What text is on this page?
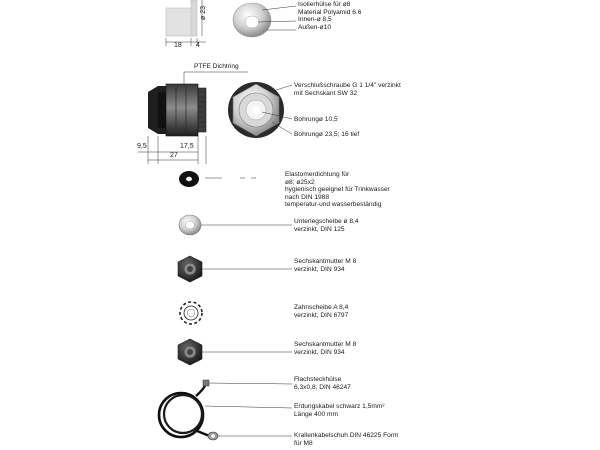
ø 23
18 4
PTFE Dichtring
9,5	17,5
27
Isolierhülse für ø8
Material Polyamid 6.6
Innen-ø 8,5
Außen-ø10
Verschlußschraube G 1 1/4" verzinkt
mit Sechskant SW 32
Bohrungø 10,5
Bohrungø 23,5; 16 tief
Elastomerdichtung für
ø8; ø25x2
hygienisch geeignet für Trinkwasser
nach DIN 1988
temperatur-und wasserbeständig
Unterlegscheibe ø 8,4
verzinkt, DIN 125
Sechskantmutter M 8
verzinkt, DIN 934
Zahnscheibe A 8,4
verzinkt, DIN 6797
Sechskantmutter M 8
verzinkt, DIN 934
Flachsteckhülse
6,3x0,8; DIN 46247
Erdungskabel schwarz 1,5mm²
Länge 400 mm
Krallenkabelschuh DIN 46225 Form
für M8
